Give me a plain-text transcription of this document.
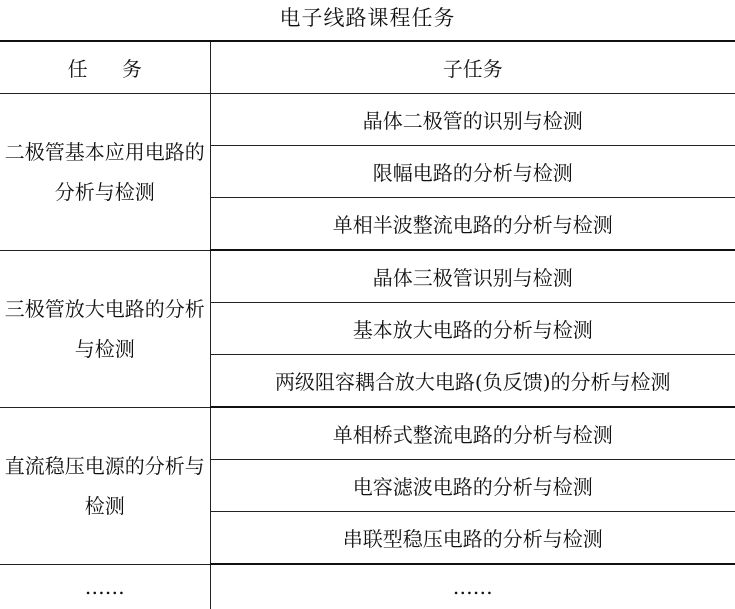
电子线路课程任务
任 务	子任务
二极管基本应用电路的分析与检测	晶体二极管的识别与检测
	限幅电路的分析与检测
	单相半波整流电路的分析与检测
三极管放大电路的分析与检测	晶体三极管识别与检测
	基本放大电路的分析与检测
	两级阻容耦合放大电路(负反馈)的分析与检测
直流稳压电源的分析与检测	单相桥式整流电路的分析与检测
	电容滤波电路的分析与检测
	串联型稳压电路的分析与检测
……	……
